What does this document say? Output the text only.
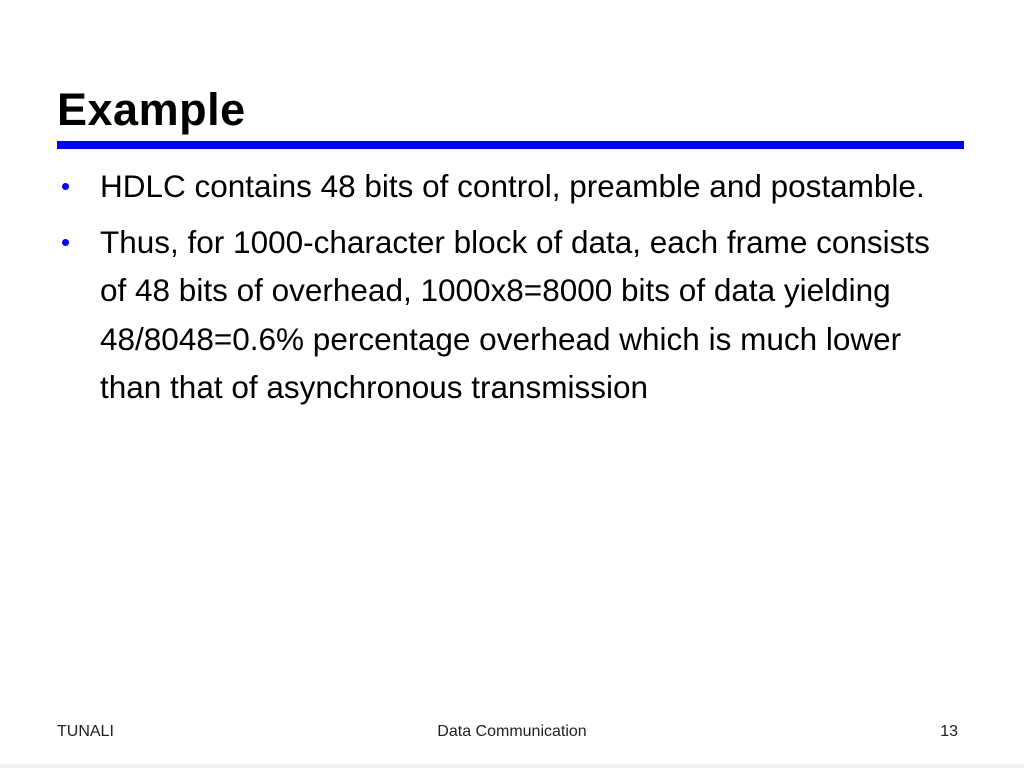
Example
• HDLC contains 48 bits of control, preamble and postamble.
• Thus, for 1000-character block of data, each frame consists of 48 bits of overhead, 1000x8=8000 bits of data yielding 48/8048=0.6% percentage overhead which is much lower than that of asynchronous transmission
TUNALI	Data Communication	13
